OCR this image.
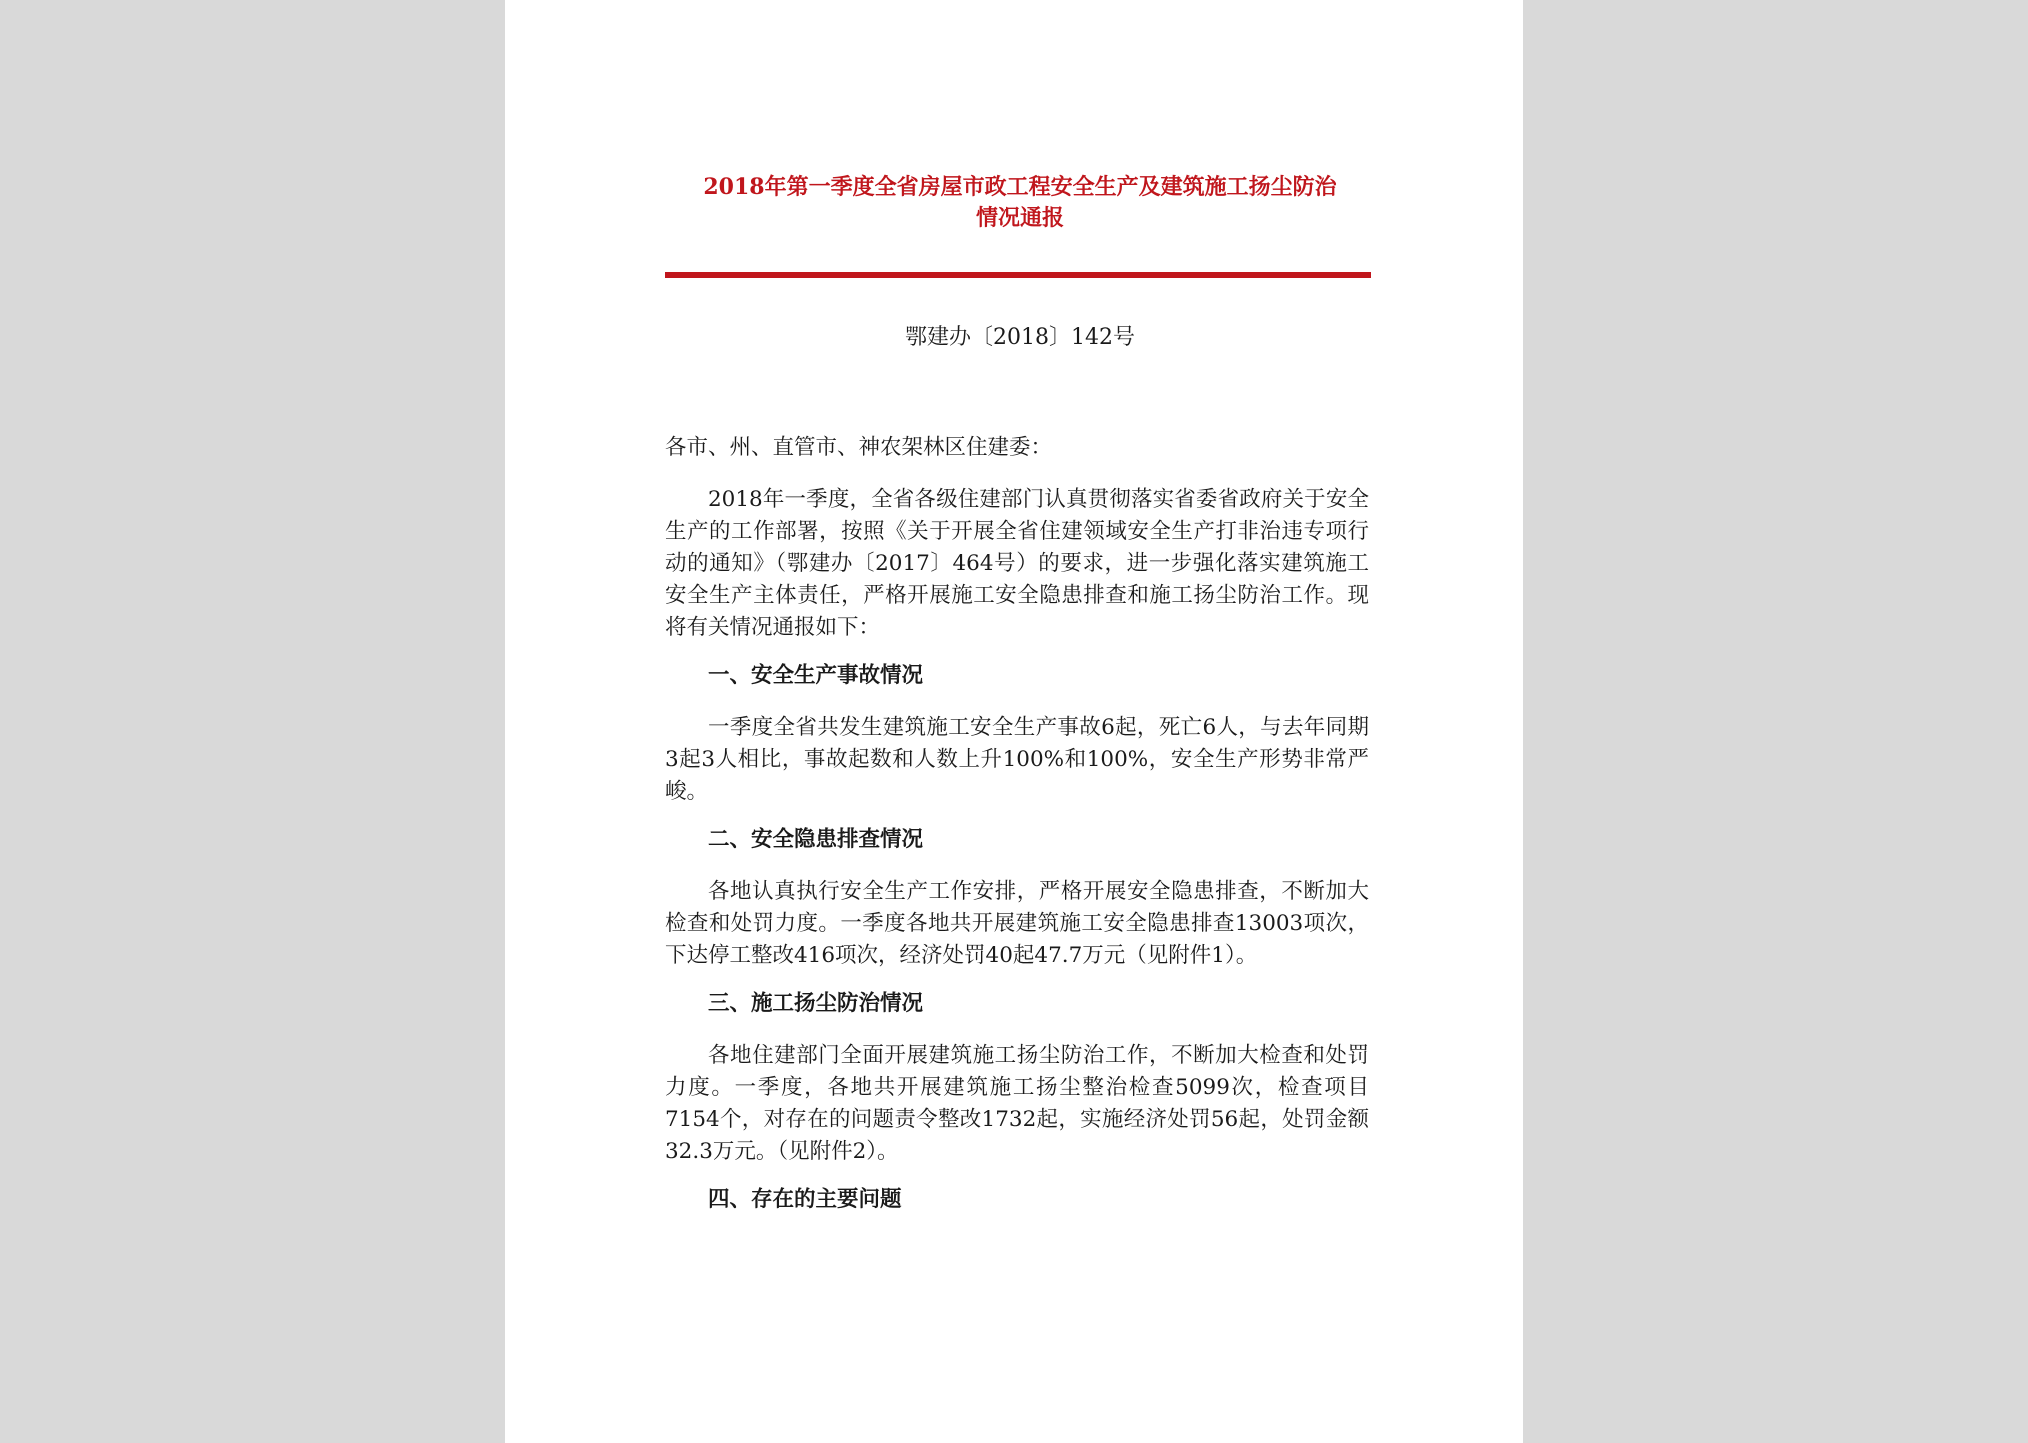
2018年第一季度全省房屋市政工程安全生产及建筑施工扬尘防治
情况通报
鄂建办〔2018〕142号

各市、州、直管市、神农架林区住建委：

2018年一季度，全省各级住建部门认真贯彻落实省委省政府关于安全生产的工作部署，按照《关于开展全省住建领域安全生产打非治违专项行动的通知》（鄂建办〔2017〕464号）的要求，进一步强化落实建筑施工安全生产主体责任，严格开展施工安全隐患排查和施工扬尘防治工作。现将有关情况通报如下：

一、安全生产事故情况

一季度全省共发生建筑施工安全生产事故6起，死亡6人，与去年同期3起3人相比，事故起数和人数上升100%和100%，安全生产形势非常严峻。

二、安全隐患排查情况

各地认真执行安全生产工作安排，严格开展安全隐患排查，不断加大检查和处罚力度。一季度各地共开展建筑施工安全隐患排查13003项次，下达停工整改416项次，经济处罚40起47.7万元（见附件1）。

三、施工扬尘防治情况

各地住建部门全面开展建筑施工扬尘防治工作，不断加大检查和处罚力度。一季度，各地共开展建筑施工扬尘整治检查5099次，检查项目7154个，对存在的问题责令整改1732起，实施经济处罚56起，处罚金额32.3万元。（见附件2）。

四、存在的主要问题
